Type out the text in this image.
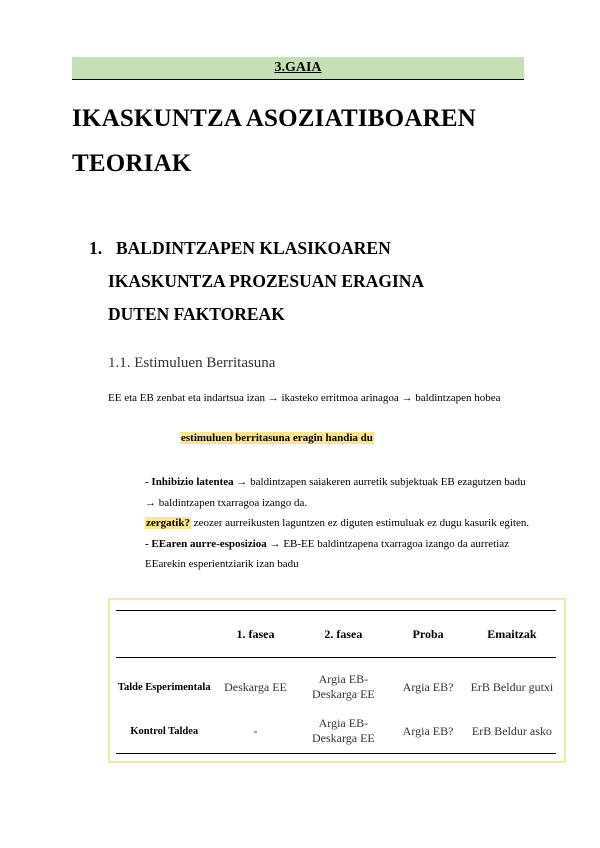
3.GAIA
IKASKUNTZA ASOZIATIBOAREN
TEORIAK
1. BALDINTZAPEN KLASIKOAREN
IKASKUNTZA PROZESUAN ERAGINA
DUTEN FAKTOREAK
1.1. Estimuluen Berritasuna
EE eta EB zenbat eta indartsua izan → ikasteko erritmoa arinagoa → baldintzapen hobea
estimuluen berritasuna eragin handia du

- Inhibizio latentea → baldintzapen saiakeren aurretik subjektuak EB ezagutzen badu → baldintzapen txarragoa izango da.

zergatik? zeozer aurreikusten laguntzen ez diguten estimuluak ez dugu kasurik egiten.

- EEaren aurre-esposizioa → EB-EE baldintzapena txarragoa izango da aurretiaz EEarekin esperientziarik izan badu

	1. fasea	2. fasea	Proba	Emaitzak
Talde Esperimentala	Deskarga EE	Argia EB- Deskarga EE	Argia EB?	ErB Beldur gutxi
Kontrol Taldea	-	Argia EB- Deskarga EE	Argia EB?	ErB Beldur asko
